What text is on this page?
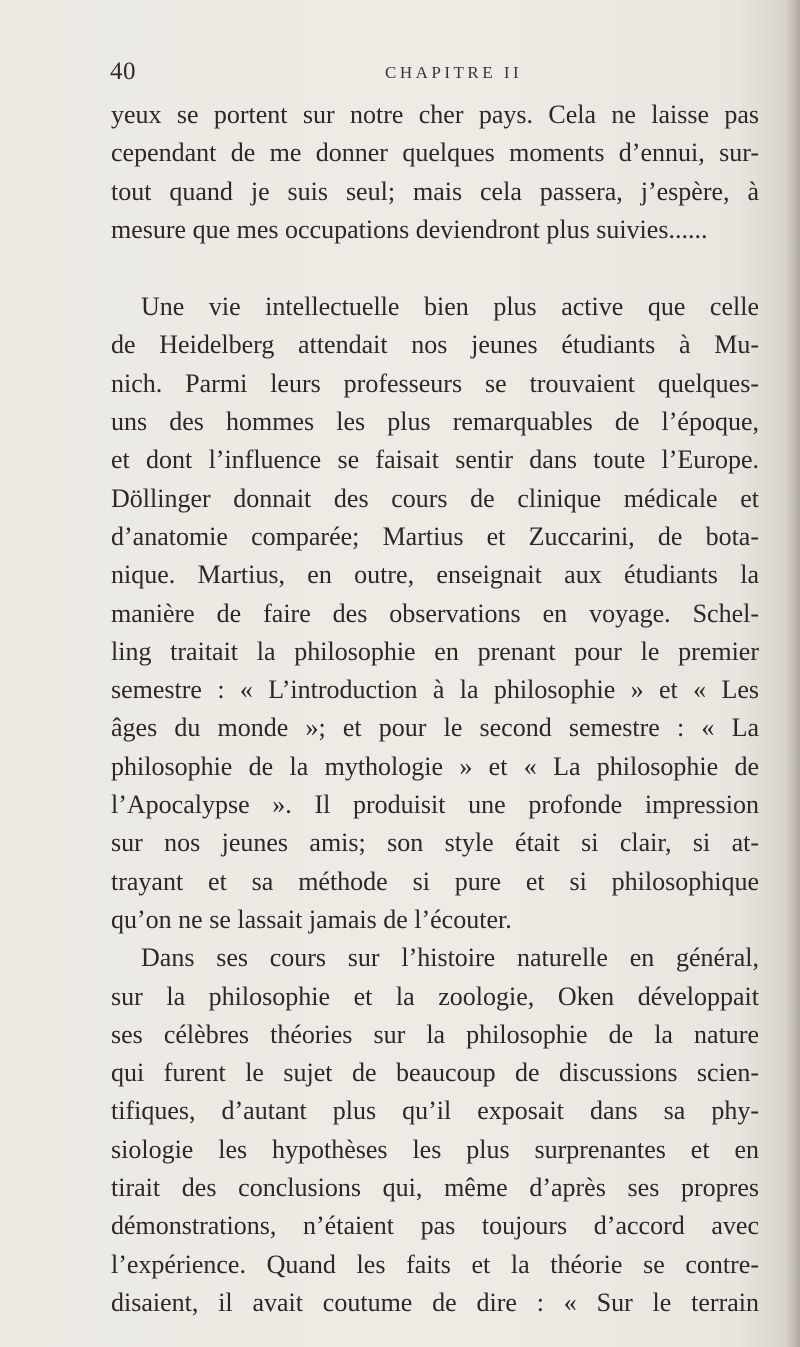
40	CHAPITRE II

yeux se portent sur notre cher pays. Cela ne laisse pas
cependant de me donner quelques moments d’ennui, sur-
tout quand je suis seul; mais cela passera, j’espère, à
mesure que mes occupations deviendront plus suivies......

Une vie intellectuelle bien plus active que celle
de Heidelberg attendait nos jeunes étudiants à Mu-
nich. Parmi leurs professeurs se trouvaient quelques-
uns des hommes les plus remarquables de l’époque,
et dont l’influence se faisait sentir dans toute l’Europe.
Döllinger donnait des cours de clinique médicale et
d’anatomie comparée; Martius et Zuccarini, de bota-
nique. Martius, en outre, enseignait aux étudiants la
manière de faire des observations en voyage. Schel-
ling traitait la philosophie en prenant pour le premier
semestre : « L’introduction à la philosophie » et « Les
âges du monde »; et pour le second semestre : « La
philosophie de la mythologie » et « La philosophie de
l’Apocalypse ». Il produisit une profonde impression
sur nos jeunes amis; son style était si clair, si at-
trayant et sa méthode si pure et si philosophique
qu’on ne se lassait jamais de l’écouter.

Dans ses cours sur l’histoire naturelle en général,
sur la philosophie et la zoologie, Oken développait
ses célèbres théories sur la philosophie de la nature
qui furent le sujet de beaucoup de discussions scien-
tifiques, d’autant plus qu’il exposait dans sa phy-
siologie les hypothèses les plus surprenantes et en
tirait des conclusions qui, même d’après ses propres
démonstrations, n’étaient pas toujours d’accord avec
l’expérience. Quand les faits et la théorie se contre-
disaient, il avait coutume de dire : « Sur le terrain
